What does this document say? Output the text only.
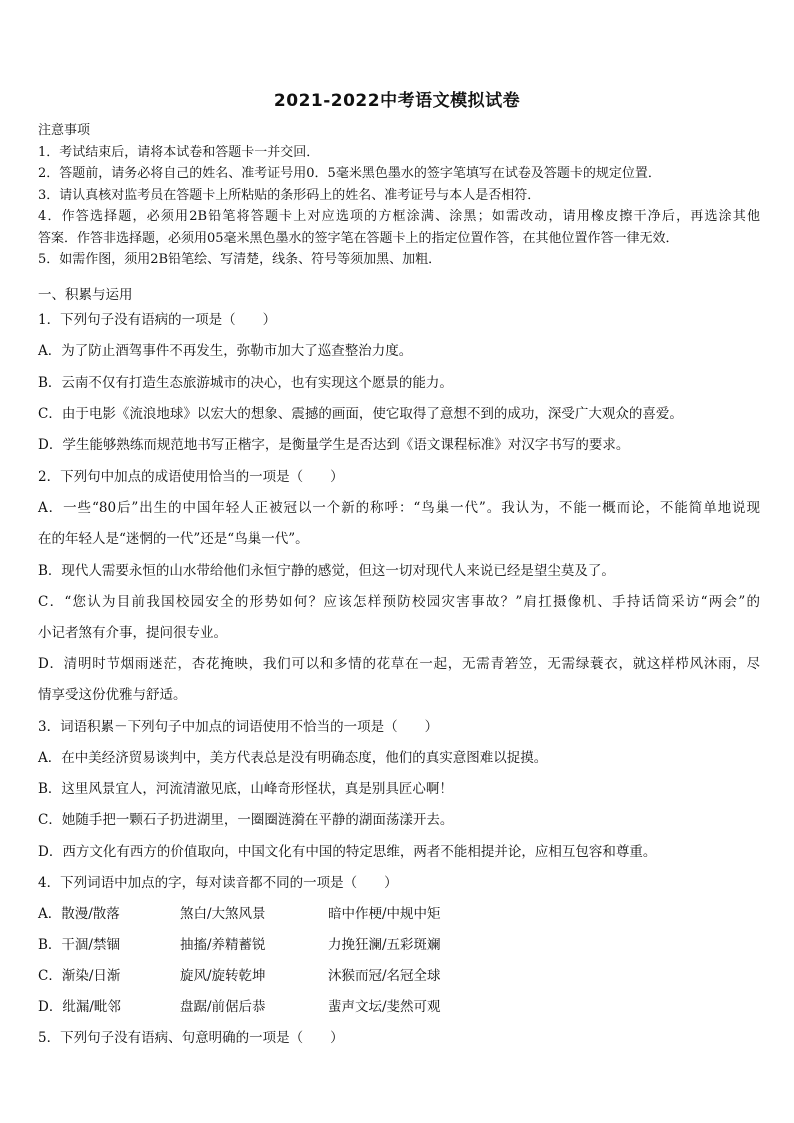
2021-2022中考语文模拟试卷
注意事项
1．考试结束后，请将本试卷和答题卡一并交回．
2．答题前，请务必将自己的姓名、准考证号用0．5毫米黑色墨水的签字笔填写在试卷及答题卡的规定位置．
3．请认真核对监考员在答题卡上所粘贴的条形码上的姓名、准考证号与本人是否相符．
4．作答选择题，必须用2B铅笔将答题卡上对应选项的方框涂满、涂黑；如需改动，请用橡皮擦干净后，再选涂其他
答案．作答非选择题，必须用05毫米黑色墨水的签字笔在答题卡上的指定位置作答，在其他位置作答一律无效．
5．如需作图，须用2B铅笔绘、写清楚，线条、符号等须加黑、加粗．
一、积累与运用
1．下列句子没有语病的一项是（　　）
A．为了防止酒驾事件不再发生，弥勒市加大了巡查整治力度。
B．云南不仅有打造生态旅游城市的决心，也有实现这个愿景的能力。
C．由于电影《流浪地球》以宏大的想象、震撼的画面，使它取得了意想不到的成功，深受广大观众的喜爱。
D．学生能够熟练而规范地书写正楷字，是衡量学生是否达到《语文课程标准》对汉字书写的要求。
2．下列句中加点的成语使用恰当的一项是（　　）
A．一些“80后”出生的中国年轻人正被冠以一个新的称呼：“鸟巢一代”。我认为，不能一概而论，不能简单地说现
在的年轻人是“迷惘的一代”还是“鸟巢一代”。
B．现代人需要永恒的山水带给他们永恒宁静的感觉，但这一切对现代人来说已经是望尘莫及了。
C．“您认为目前我国校园安全的形势如何？应该怎样预防校园灾害事故？”肩扛摄像机、手持话筒采访“两会”的
小记者煞有介事，提问很专业。
D．清明时节烟雨迷茫，杏花掩映，我们可以和多情的花草在一起，无需青箬笠，无需绿蓑衣，就这样栉风沐雨，尽
情享受这份优雅与舒适。
3．词语积累－下列句子中加点的词语使用不恰当的一项是（　　）
A．在中美经济贸易谈判中，美方代表总是没有明确态度，他们的真实意图难以捉摸。
B．这里风景宜人，河流清澈见底，山峰奇形怪状，真是别具匠心啊！
C．她随手把一颗石子扔进湖里，一圈圈涟漪在平静的湖面荡漾开去。
D．西方文化有西方的价值取向，中国文化有中国的特定思维，两者不能相提并论，应相互包容和尊重。
4．下列词语中加点的字，每对读音都不同的一项是（　　）
A．散漫/散落	煞白/大煞风景	暗中作梗/中规中矩
B．干涸/禁锢	抽搐/养精蓄锐	力挽狂澜/五彩斑斓
C．渐染/日渐	旋风/旋转乾坤	沐猴而冠/名冠全球
D．纰漏/毗邻	盘踞/前倨后恭	蜚声文坛/斐然可观
5．下列句子没有语病、句意明确的一项是（　　）
